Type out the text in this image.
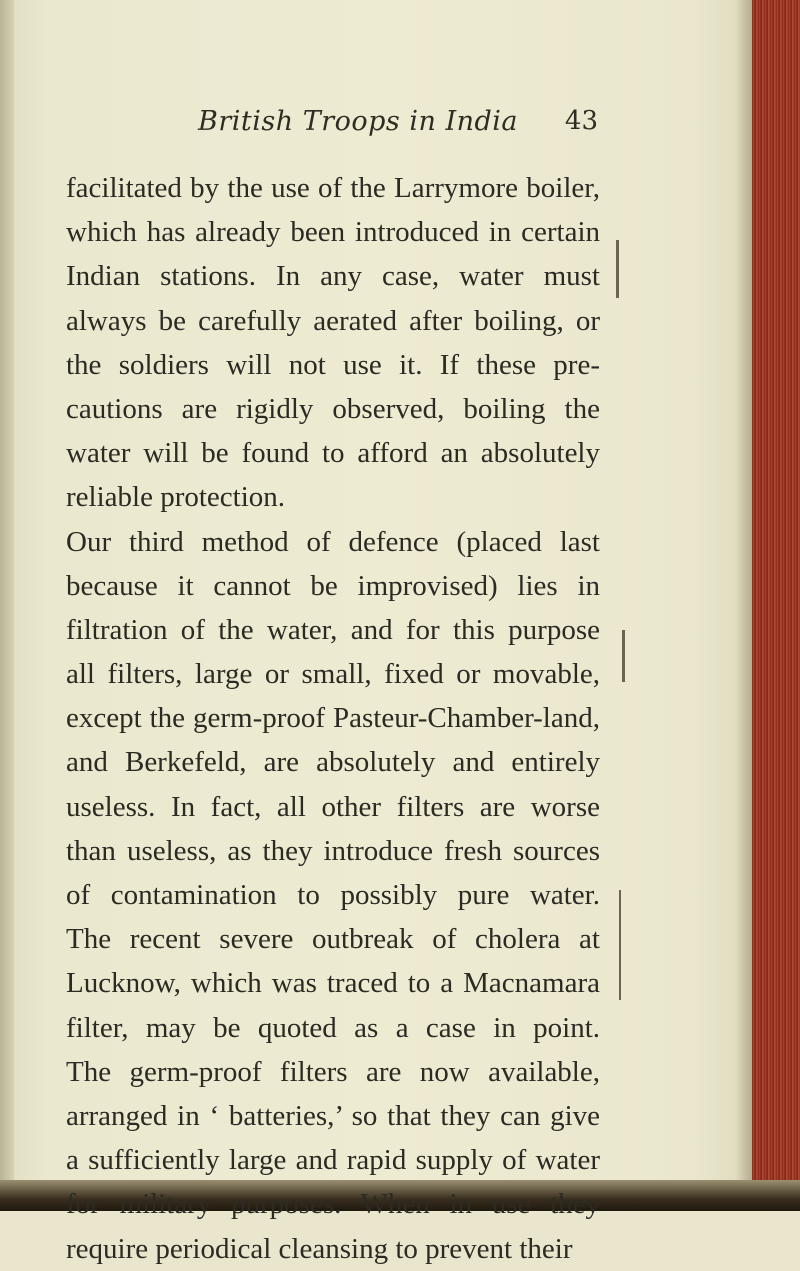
British Troops in India 43
facilitated by the use of the Larrymore boiler,
which has already been introduced in certain
Indian stations. In any case, water must
always be carefully aerated after boiling, or
the soldiers will not use it. If these pre-
cautions are rigidly observed, boiling the
water will be found to afford an absolutely
reliable protection.
Our third method of defence (placed last
because it cannot be improvised) lies in
filtration of the water, and for this purpose
all filters, large or small, fixed or movable,
except the germ-proof Pasteur-Chamber-land,
and Berkefeld, are absolutely and entirely
useless. In fact, all other filters are worse
than useless, as they introduce fresh sources
of contamination to possibly pure water.
The recent severe outbreak of cholera at
Lucknow, which was traced to a Macnamara
filter, may be quoted as a case in point.
The germ-proof filters are now available,
arranged in ‘ batteries,’ so that they can give
a sufficiently large and rapid supply of water
for military purposes. When in use they
require periodical cleansing to prevent their
